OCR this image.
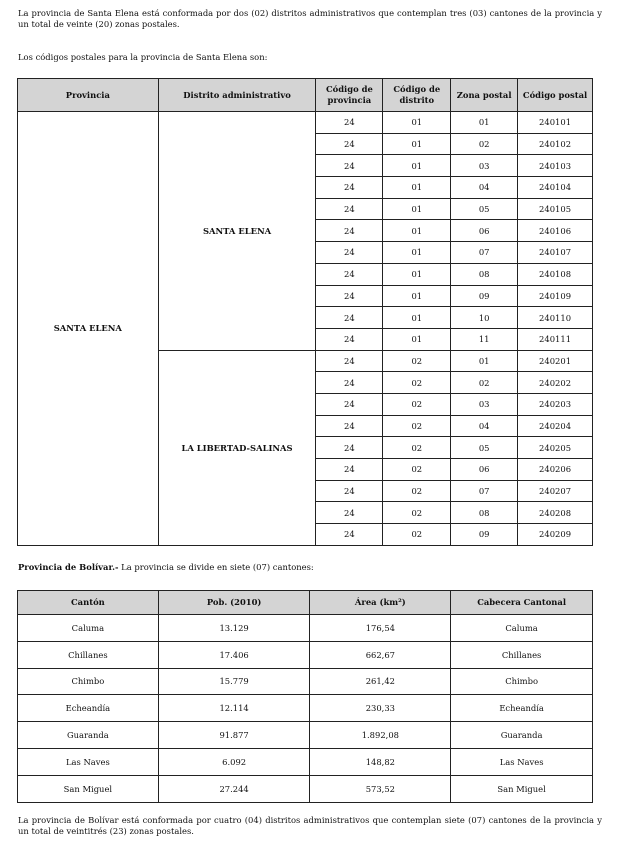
La provincia de Santa Elena está conformada por dos (02) distritos administrativos que contemplan tres (03) cantones de la provincia y un total de veinte (20) zonas postales.

Los códigos postales para la provincia de Santa Elena son:

Provincia	Distrito administrativo	Código de provincia	Código de distrito	Zona postal	Código postal
SANTA ELENA	SANTA ELENA	24	01	01	240101
		24	01	02	240102
		24	01	03	240103
		24	01	04	240104
		24	01	05	240105
		24	01	06	240106
		24	01	07	240107
		24	01	08	240108
		24	01	09	240109
		24	01	10	240110
		24	01	11	240111
	LA LIBERTAD-SALINAS	24	02	01	240201
		24	02	02	240202
		24	02	03	240203
		24	02	04	240204
		24	02	05	240205
		24	02	06	240206
		24	02	07	240207
		24	02	08	240208
		24	02	09	240209

Provincia de Bolívar.- La provincia se divide en siete (07) cantones:

Cantón	Pob. (2010)	Área (km²)	Cabecera Cantonal
Caluma	13.129	176,54	Caluma
Chillanes	17.406	662,67	Chillanes
Chimbo	15.779	261,42	Chimbo
Echeandía	12.114	230,33	Echeandía
Guaranda	91.877	1.892,08	Guaranda
Las Naves	6.092	148,82	Las Naves
San Miguel	27.244	573,52	San Miguel

La provincia de Bolívar está conformada por cuatro (04) distritos administrativos que contemplan siete (07) cantones de la provincia y un total de veintitrés (23) zonas postales.
